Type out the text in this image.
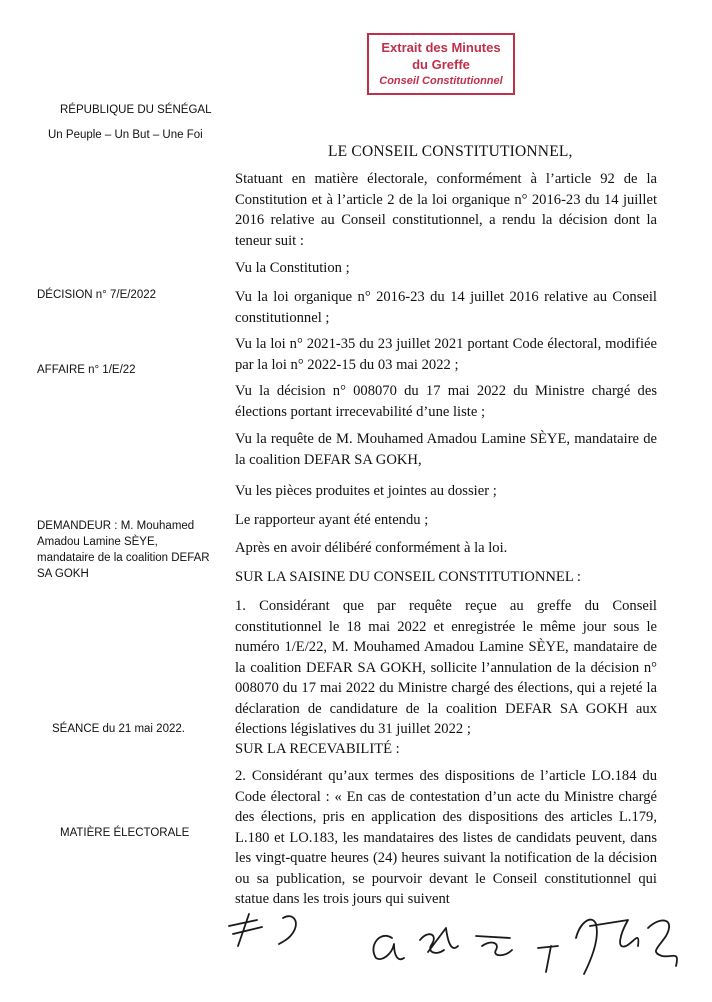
Extrait des Minutes
du Greffe
Conseil Constitutionnel
RÉPUBLIQUE DU SÉNÉGAL
Un Peuple – Un But – Une Foi
DÉCISION n° 7/E/2022
AFFAIRE n° 1/E/22
DEMANDEUR : M. Mouhamed
Amadou Lamine SÈYE,
mandataire de la coalition DEFAR
SA GOKH
SÉANCE du 21 mai 2022.
MATIÈRE ÉLECTORALE
LE CONSEIL CONSTITUTIONNEL,
Statuant en matière électorale, conformément à l’article 92 de la Constitution et à l’article 2 de la loi organique n° 2016-23 du 14 juillet 2016 relative au Conseil constitutionnel, a rendu la décision dont la teneur suit :
Vu la Constitution ;
Vu la loi organique n° 2016-23 du 14 juillet 2016 relative au Conseil constitutionnel ;
Vu la loi n° 2021-35 du 23 juillet 2021 portant Code électoral, modifiée par la loi n° 2022-15 du 03 mai 2022 ;
Vu la décision n° 008070 du 17 mai 2022 du Ministre chargé des élections portant irrecevabilité d’une liste ;
Vu la requête de M. Mouhamed Amadou Lamine SÈYE, mandataire de la coalition DEFAR SA GOKH,
Vu les pièces produites et jointes au dossier ;
Le rapporteur ayant été entendu ;
Après en avoir délibéré conformément à la loi.
SUR LA SAISINE DU CONSEIL CONSTITUTIONNEL :
1. Considérant que par requête reçue au greffe du Conseil constitutionnel le 18 mai 2022 et enregistrée le même jour sous le numéro 1/E/22, M. Mouhamed Amadou Lamine SÈYE, mandataire de la coalition DEFAR SA GOKH, sollicite l’annulation de la décision n° 008070 du 17 mai 2022 du Ministre chargé des élections, qui a rejeté la déclaration de candidature de la coalition DEFAR SA GOKH aux élections législatives du 31 juillet 2022 ;
SUR LA RECEVABILITÉ :
2. Considérant qu’aux termes des dispositions de l’article LO.184 du Code électoral : « En cas de contestation d’un acte du Ministre chargé des élections, pris en application des dispositions des articles L.179, L.180 et LO.183, les mandataires des listes de candidats peuvent, dans les vingt-quatre heures (24) heures suivant la notification de la décision ou sa publication, se pourvoir devant le Conseil constitutionnel qui statue dans les trois jours qui suivent
